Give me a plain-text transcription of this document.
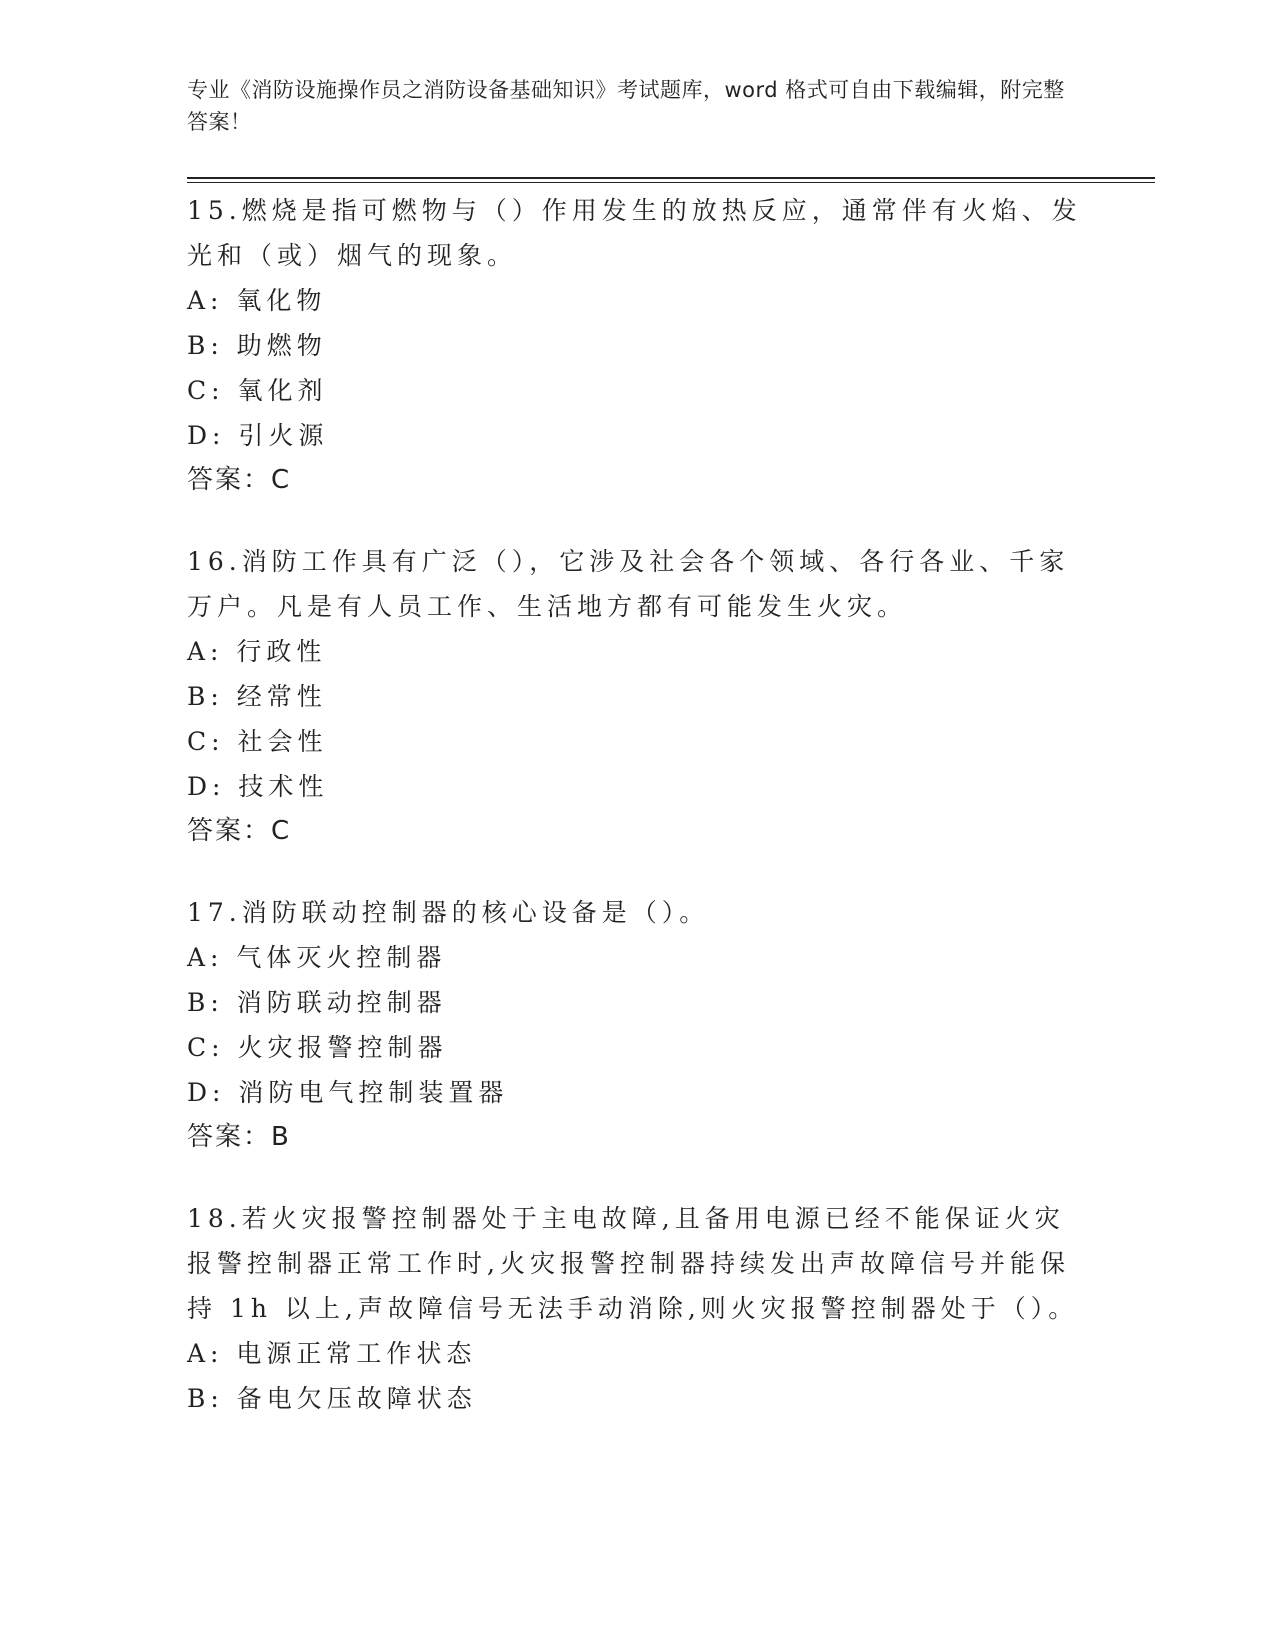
专业《消防设施操作员之消防设备基础知识》考试题库，word 格式可自由下载编辑，附完整答案！

15.燃烧是指可燃物与（）作用发生的放热反应，通常伴有火焰、发光和（或）烟气的现象。

A: 氧化物

B: 助燃物

C: 氧化剂

D: 引火源

答案：C

16.消防工作具有广泛（），它涉及社会各个领域、各行各业、千家万户。凡是有人员工作、生活地方都有可能发生火灾。

A: 行政性

B: 经常性

C: 社会性

D: 技术性

答案：C

17.消防联动控制器的核心设备是（）。

A: 气体灭火控制器

B: 消防联动控制器

C: 火灾报警控制器

D: 消防电气控制装置器

答案：B

18.若火灾报警控制器处于主电故障,且备用电源已经不能保证火灾报警控制器正常工作时,火灾报警控制器持续发出声故障信号并能保持 1h 以上,声故障信号无法手动消除,则火灾报警控制器处于（）。

A: 电源正常工作状态

B: 备电欠压故障状态
